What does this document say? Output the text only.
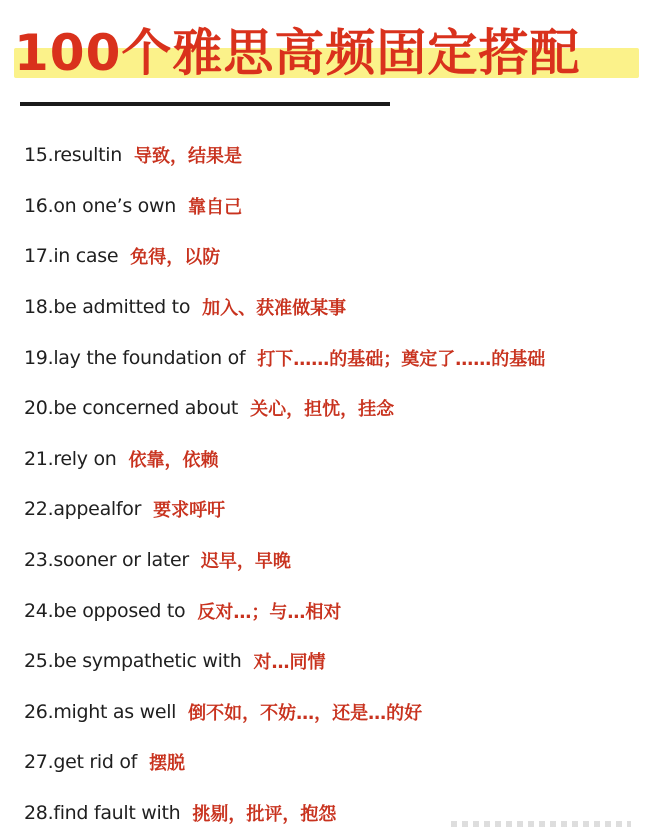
100个雅思高频固定搭配
15.resultin 导致，结果是
16.on one’s own 靠自己
17.in case 免得，以防
18.be admitted to 加入、获准做某事
19.lay the foundation of 打下……的基础；奠定了……的基础
20.be concerned about 关心，担忧，挂念
21.rely on 依靠，依赖
22.appealfor 要求呼吁
23.sooner or later 迟早，早晚
24.be opposed to 反对…；与…相对
25.be sympathetic with 对…同情
26.might as well 倒不如，不妨…，还是…的好
27.get rid of 摆脱
28.find fault with 挑剔，批评，抱怨
